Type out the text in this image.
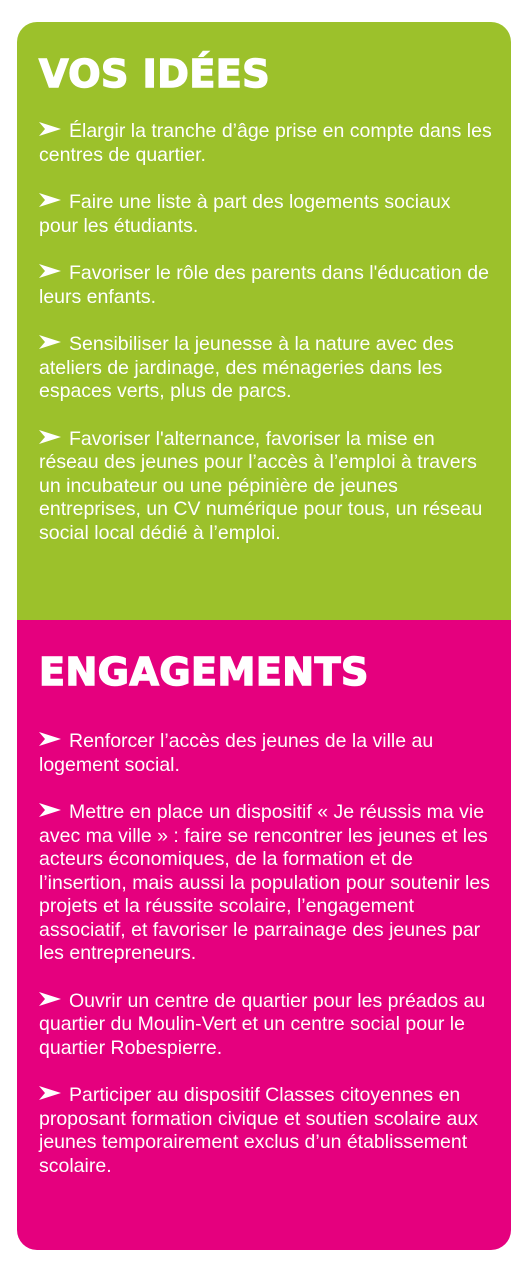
VOS IDÉES
Élargir la tranche d’âge prise en compte dans les centres de quartier.
Faire une liste à part des logements sociaux pour les étudiants.
Favoriser le rôle des parents dans l'éducation de leurs enfants.
Sensibiliser la jeunesse à la nature avec des ateliers de jardinage, des ménageries dans les espaces verts, plus de parcs.
Favoriser l'alternance, favoriser la mise en réseau des jeunes pour l’accès à l’emploi à travers un incubateur ou une pépinière de jeunes entreprises, un CV numérique pour tous, un réseau social local dédié à l’emploi.
ENGAGEMENTS
Renforcer l’accès des jeunes de la ville au logement social.
Mettre en place un dispositif « Je réussis ma vie avec ma ville » : faire se rencontrer les jeunes et les acteurs économiques, de la formation et de l’insertion, mais aussi la population pour soutenir les projets et la réussite scolaire, l’engagement associatif, et favoriser le parrainage des jeunes par les entrepreneurs.
Ouvrir un centre de quartier pour les préados au quartier du Moulin-Vert et un centre social pour le quartier Robespierre.
Participer au dispositif Classes citoyennes en proposant formation civique et soutien scolaire aux jeunes temporairement exclus d’un établissement scolaire.
